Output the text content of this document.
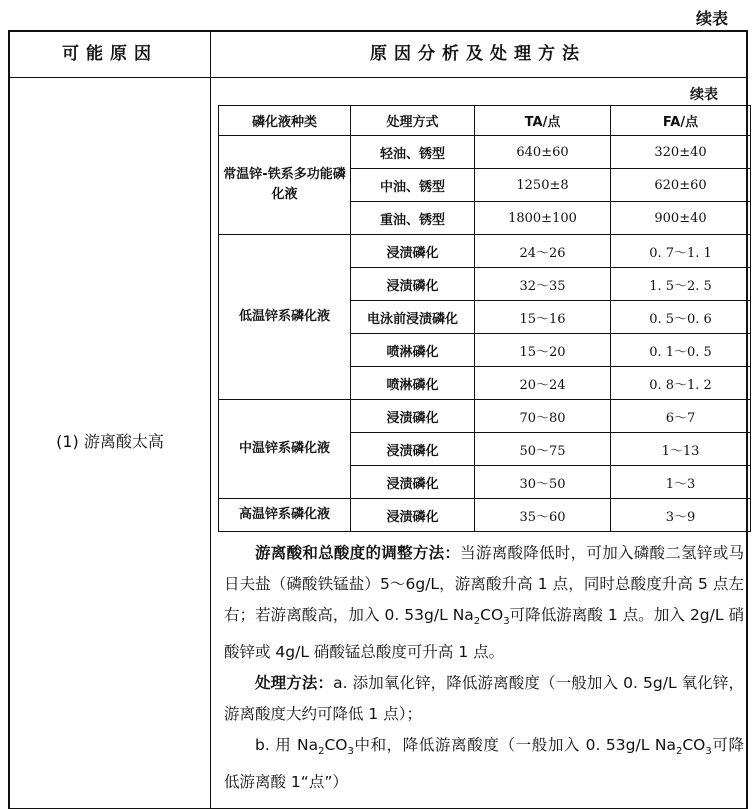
续表
可能原因	原因分析及处理方法
(1) 游离酸太高
续表
磷化液种类	处理方式	TA/点	FA/点
常温锌-铁系多功能磷化液	轻油、锈型	640±60	320±40
	中油、锈型	1250±8	620±60
	重油、锈型	1800±100	900±40
低温锌系磷化液	浸渍磷化	24～26	0. 7～1. 1
	浸渍磷化	32～35	1. 5～2. 5
	电泳前浸渍磷化	15～16	0. 5～0. 6
	喷淋磷化	15～20	0. 1～0. 5
	喷淋磷化	20～24	0. 8～1. 2
中温锌系磷化液	浸渍磷化	70～80	6～7
	浸渍磷化	50～75	1～13
	浸渍磷化	30～50	1～3
高温锌系磷化液	浸渍磷化	35～60	3～9

游离酸和总酸度的调整方法：当游离酸降低时，可加入磷酸二氢锌或马日夫盐（磷酸铁锰盐）5～6g/L，游离酸升高 1 点，同时总酸度升高 5 点左右；若游离酸高，加入 0. 53g/L $Na_2CO_3$可降低游离酸 1 点。加入 2g/L 硝酸锌或 4g/L 硝酸锰总酸度可升高 1 点。

处理方法：a. 添加氧化锌，降低游离酸度（一般加入 0. 5g/L 氧化锌，游离酸度大约可降低 1 点）；

b. 用 $Na_2CO_3$中和，降低游离酸度（一般加入 0. 53g/L $Na_2CO_3$可降低游离酸 1“点”）
